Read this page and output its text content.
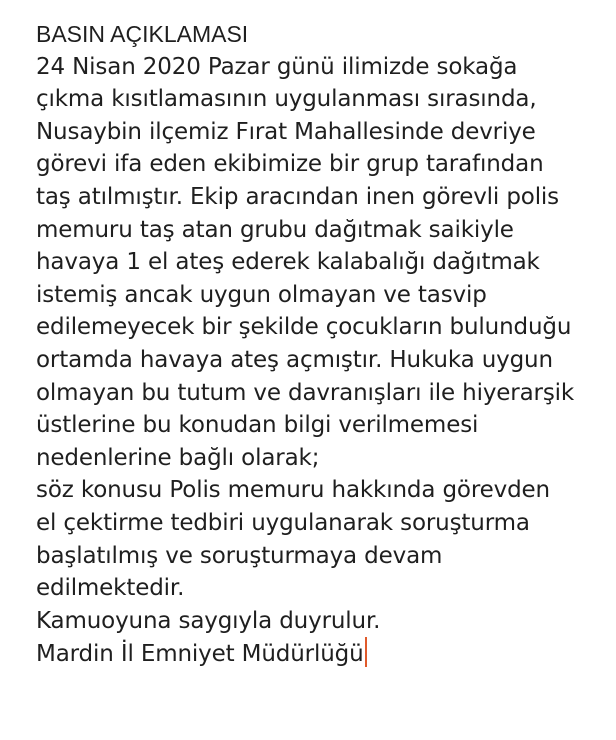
BASIN AÇIKLAMASI
24 Nisan 2020 Pazar günü ilimizde sokağa
çıkma kısıtlamasının uygulanması sırasında,
Nusaybin ilçemiz Fırat Mahallesinde devriye
görevi ifa eden ekibimize bir grup tarafından
taş atılmıştır. Ekip aracından inen görevli polis
memuru taş atan grubu dağıtmak saikiyle
havaya 1 el ateş ederek kalabalığı dağıtmak
istemiş ancak uygun olmayan ve tasvip
edilemeyecek bir şekilde çocukların bulunduğu
ortamda havaya ateş açmıştır. Hukuka uygun
olmayan bu tutum ve davranışları ile hiyerarşik
üstlerine bu konudan bilgi verilmemesi
nedenlerine bağlı olarak;
söz konusu Polis memuru hakkında görevden
el çektirme tedbiri uygulanarak soruşturma
başlatılmış ve soruşturmaya devam
edilmektedir.
Kamuoyuna saygıyla duyrulur.
Mardin İl Emniyet Müdürlüğü
